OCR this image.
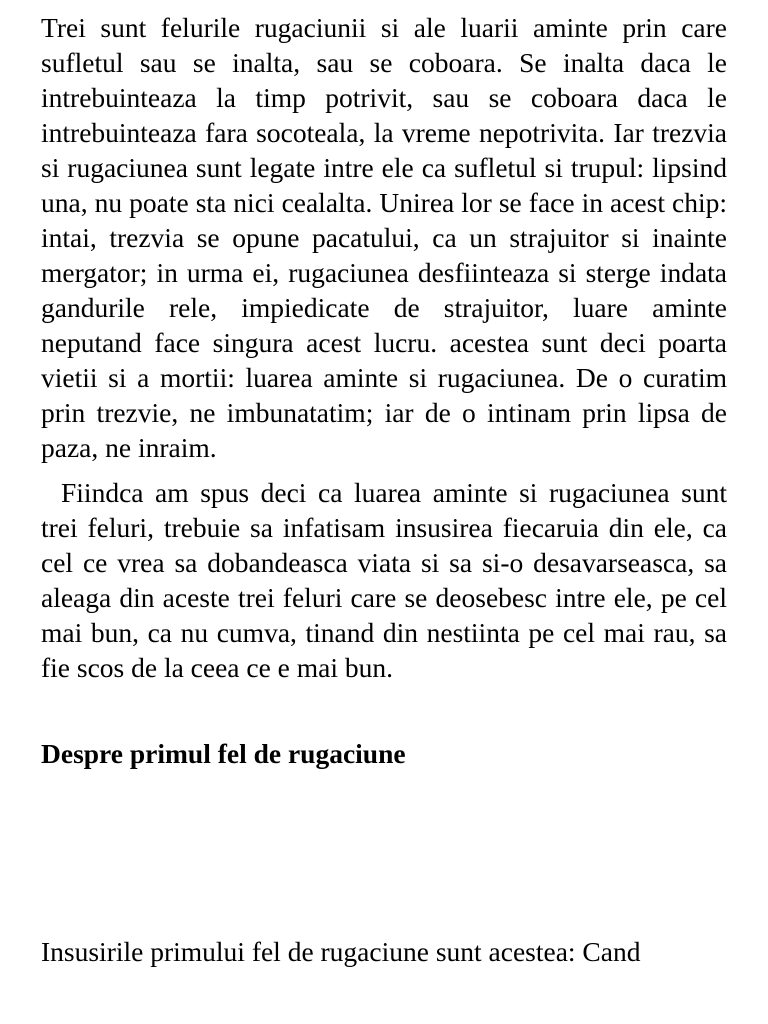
Trei sunt felurile rugaciunii si ale luarii aminte prin care sufletul sau se inalta, sau se coboara. Se inalta daca le intrebuinteaza la timp potrivit, sau se coboara daca le intrebuinteaza fara socoteala, la vreme nepotrivita. Iar trezvia si rugaciunea sunt legate intre ele ca sufletul si trupul: lipsind una, nu poate sta nici cealalta. Unirea lor se face in acest chip: intai, trezvia se opune pacatului, ca un strajuitor si inainte mergator; in urma ei, rugaciunea desfiinteaza si sterge indata gandurile rele, impiedicate de strajuitor, luare aminte neputand face singura acest lucru. acestea sunt deci poarta vietii si a mortii: luarea aminte si rugaciunea. De o curatim prin trezvie, ne imbunatatim; iar de o intinam prin lipsa de paza, ne inraim.

Fiindca am spus deci ca luarea aminte si rugaciunea sunt trei feluri, trebuie sa infatisam insusirea fiecaruia din ele, ca cel ce vrea sa dobandeasca viata si sa si-o desavarseasca, sa aleaga din aceste trei feluri care se deosebesc intre ele, pe cel mai bun, ca nu cumva, tinand din nestiinta pe cel mai rau, sa fie scos de la ceea ce e mai bun.

Despre primul fel de rugaciune

Insusirile primului fel de rugaciune sunt acestea: Cand
